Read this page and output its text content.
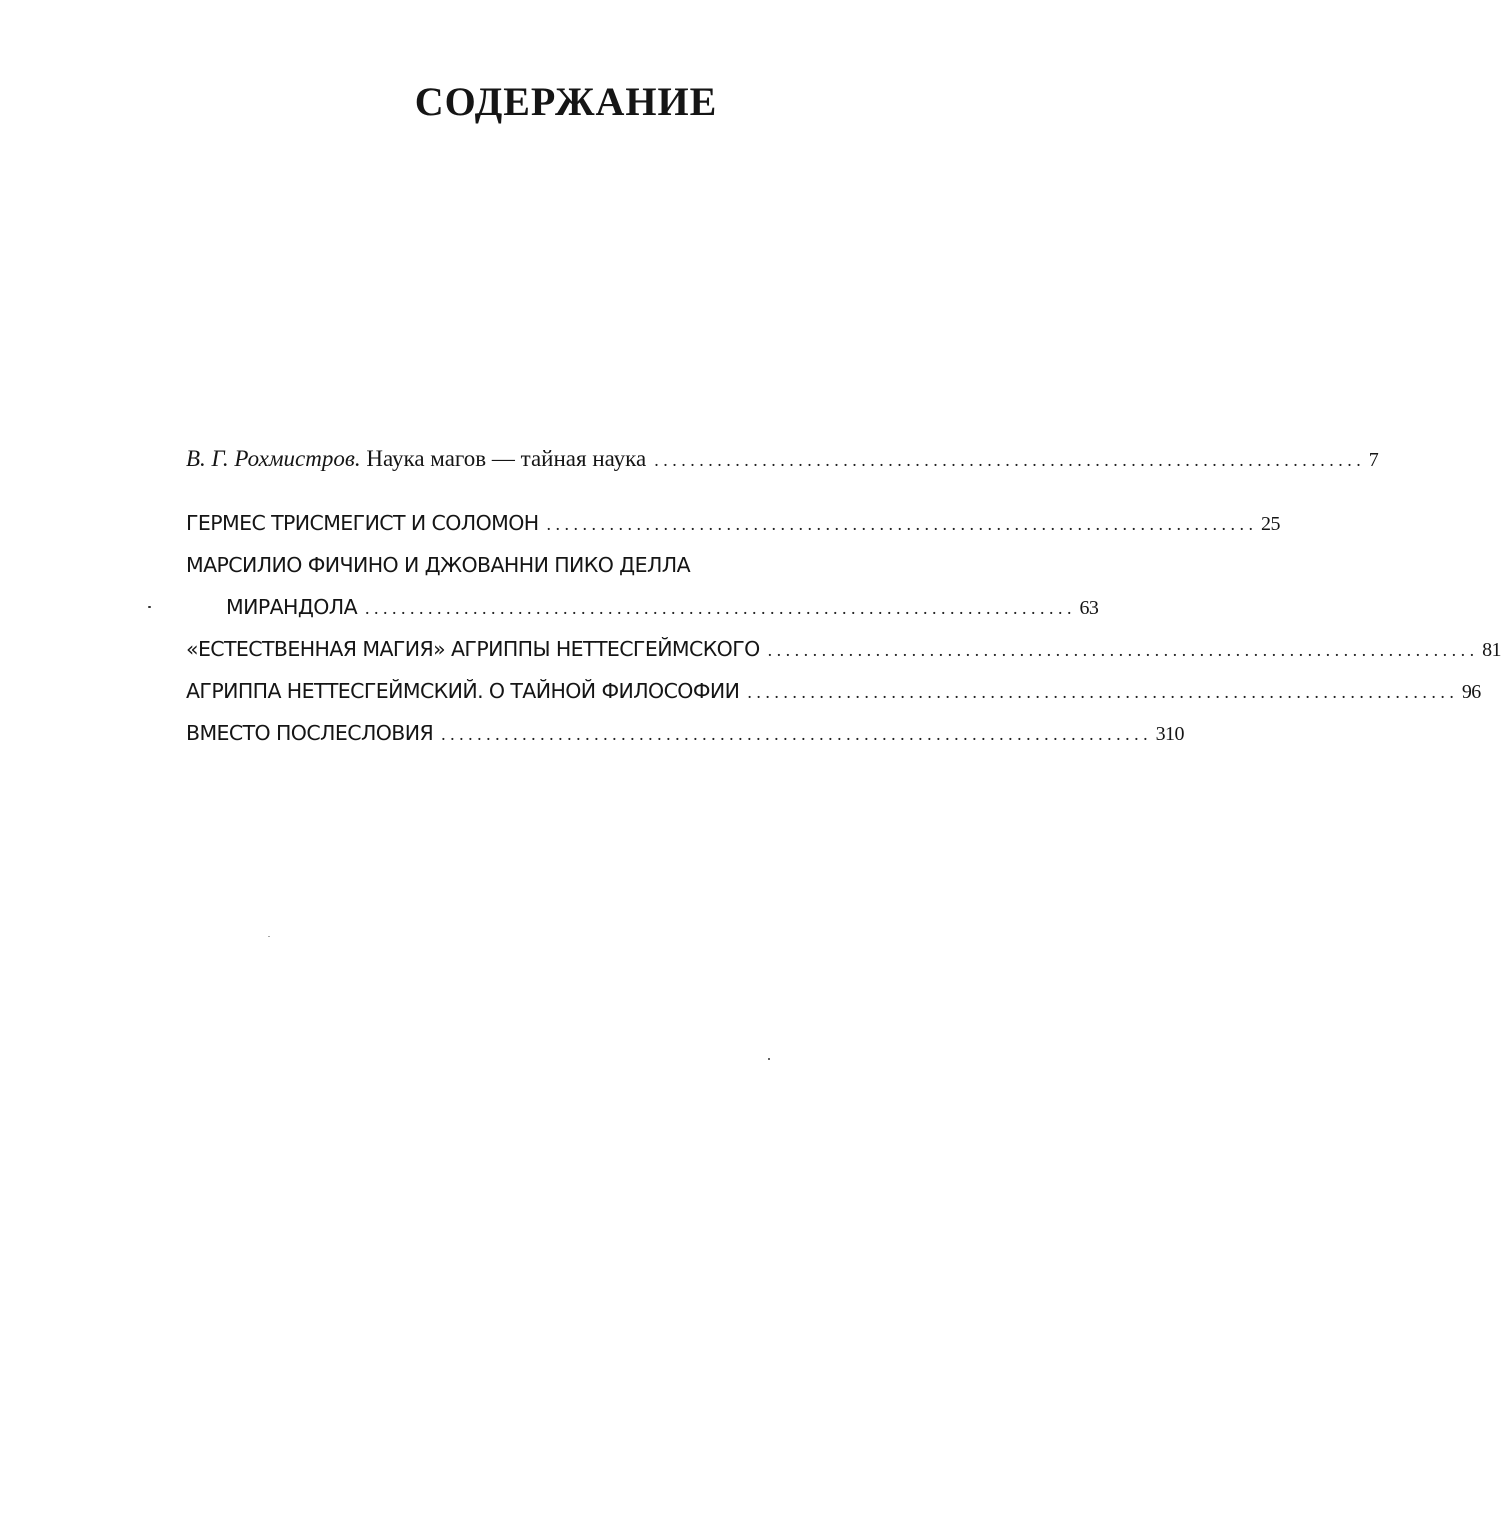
СОДЕРЖАНИЕ
В. Г. Рохмистров. Наука магов — тайная наука . . .	7
ГЕРМЕС ТРИСМЕГИСТ И СОЛОМОН . . .	25
МАРСИЛИО ФИЧИНО И ДЖОВАННИ ПИКО ДЕЛЛА
МИРАНДОЛА . . .	63
«ЕСТЕСТВЕННАЯ МАГИЯ» АГРИППЫ НЕТТЕСГЕЙМСКОГО . . .	81
АГРИППА НЕТТЕСГЕЙМСКИЙ. О ТАЙНОЙ ФИЛОСОФИИ . . .	96
ВМЕСТО ПОСЛЕСЛОВИЯ . . .	310
